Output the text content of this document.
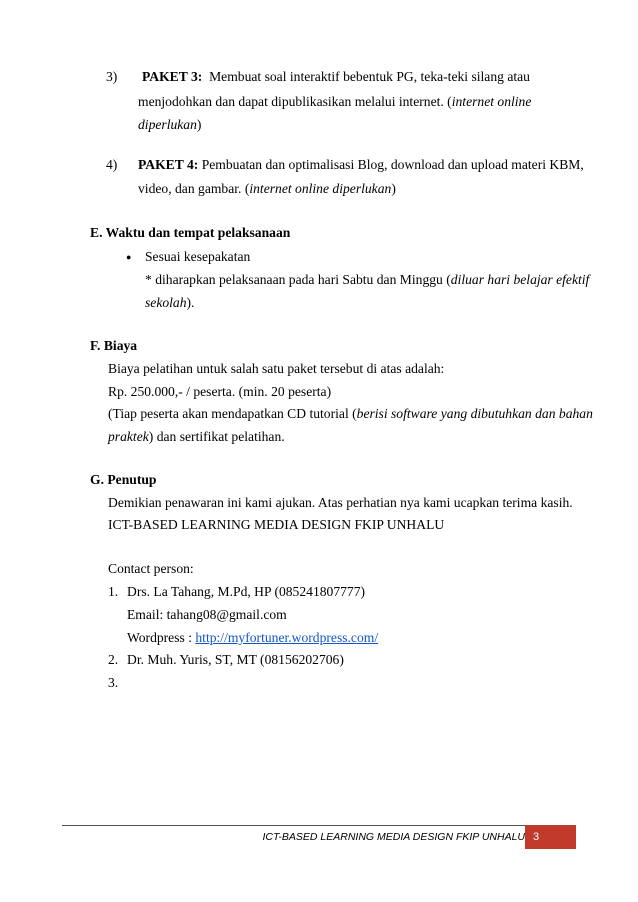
3) PAKET 3: Membuat soal interaktif bebentuk PG, teka-teki silang atau
menjodohkan dan dapat dipublikasikan melalui internet. (internet online
diperlukan)
4) PAKET 4: Pembuatan dan optimalisasi Blog, download dan upload materi KBM,
video, dan gambar. (internet online diperlukan)
E. Waktu dan tempat pelaksanaan
● Sesuai kesepakatan
* diharapkan pelaksanaan pada hari Sabtu dan Minggu (diluar hari belajar efektif
sekolah).
F. Biaya
Biaya pelatihan untuk salah satu paket tersebut di atas adalah:
Rp. 250.000,- / peserta. (min. 20 peserta)
(Tiap peserta akan mendapatkan CD tutorial (berisi software yang dibutuhkan dan bahan
praktek) dan sertifikat pelatihan.
G. Penutup
Demikian penawaran ini kami ajukan. Atas perhatian nya kami ucapkan terima kasih.
ICT-BASED LEARNING MEDIA DESIGN FKIP UNHALU
Contact person:
1. Drs. La Tahang, M.Pd, HP (085241807777)
Email: tahang08@gmail.com
Wordpress : http://myfortuner.wordpress.com/
2. Dr. Muh. Yuris, ST, MT (08156202706)
3.
ICT-BASED LEARNING MEDIA DESIGN FKIP UNHALU 3
